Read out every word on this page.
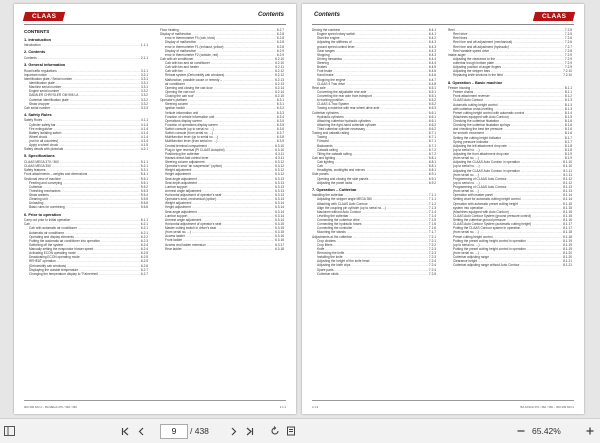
CLAAS	Contents
CONTENTS
1. Introduction
Introduction .....	1.1.1
2. Contents
Contents .....	2.1.1
3. General information
Road traffic regulations .....	3.1.1
Important notice .....	3.2.1
Identification plate / Serial number .....	3.3.1
Identification plate .....	3.3.1
Machine serial number .....	3.3.1
Engine serial number .....	3.3.2
DAIMLER CHRYSLER OM 906 LA .....	3.3.2
Cutterbar identification plate .....	3.3.2
Straw chopper .....	3.3.2
Cab serial number .....	3.3.3
4. Safety Rules
Safety Rules .....	4.1.1
Cylinder safety bar .....	4.1.4
Fire extinguisher .....	4.1.4
Battery isolating switch .....	4.1.4
Wheel chock .....	4.1.4
(not for all countries) .....	4.1.4
Apply a wheel chock .....	4.1.5
Safety decals with pictorials .....	4.2.1
5. Specifications
CLAAS MEGA 370 / 360 .....	5.1.1
CLAAS MEGA 350 .....	5.2.1
Safety features .....	5.3.1
Front attachments – weights and dimensions .....	5.4.1
Sectional view of machine .....	5.5.1
Feeding and conveying .....	5.5.1
Cutterbar .....	5.5.2
Threshing mechanism .....	5.5.3
Straw walkers .....	5.5.4
Cleaning unit .....	5.5.5
Unloading .....	5.5.6
Basic rules for combining .....	5.5.6
6. Prior to operation
Carry out prior to initial operation .....	6.1.1
Cab .....	6.2.1
Cab with automatic air conditioner .....	6.2.1
Automatic air conditioner .....	6.2.1
Operating and display elements .....	6.2.2
Putting the automatic air conditioner into operation .....	6.2.3
Switching off the system .....	6.2.4
Manually setting the evaporator blower speed .....	6.2.4
Activating ECON operating mode .....	6.2.5
Deactivating ECON operating mode .....	6.2.5
REHEAT operation .....	6.2.5
(Dehumidify cab windows) .....	6.2.6
Displaying the outside temperature .....	6.2.7
Changing the temperature display to °Fahrenheit .....	6.2.7
Floor heating .....	6.2.7
Display of malfunction .....	6.2.8
error in thermometer F0 (cab, blow) .....	6.2.8
Display of malfunction .....	6.2.8
error in thermometer F1 (exhaust, yellow) .....	6.2.8
Display of malfunction .....	6.2.9
error in thermometer F2 (outside, red) .....	6.2.9
Cab with air conditioner .....	6.2.10
Cab with fan and air conditioner .....	6.2.10
Cab with fan and heater .....	6.2.11
Cab with fan .....	6.2.12
Reheat system (Dehumidify cab windows) .....	6.2.12
Malfunction, possible cause or remedy – .....	6.2.13
air conditioner .....	6.2.13
Opening and closing the cab door .....	6.2.14
Opening the cab roof .....	6.2.14
Closing the cab roof .....	6.2.15
Operator's platform .....	6.3.1
Steering column .....	6.3.1
Ignition switch .....	6.3.2
Vehicle information unit .....	6.3.3
Function of vehicle information unit .....	6.3.4
Operations display screen .....	6.3.5
Function of operations display screen .....	6.3.5
Switch console (up to serial no. ...) .....	6.3.6
Switch console (from serial no. ...) .....	6.3.7
Multifunction lever (up to serial no. ...) .....	6.3.8
Multifunction lever (from serial no. ...) .....	6.3.9
Central terminal compartment .....	6.3.10
Plug-in type reversal (PI CLAAS Autopilot) .....	6.3.10
Positioning the cutterbar .....	6.3.11
Hazard-direct-fast control lever .....	6.3.11
Steering column adjustment .....	6.3.12
Operator's seat "air suspension" (option) .....	6.3.12
Weight adjustment .....	6.3.12
Height adjustment .....	6.3.12
Seat angle adjustment .....	6.3.13
Seat depth adjustment .....	6.3.13
Lumbar support .....	6.3.13
Armrest angle adjustment .....	6.3.13
Horizontal adjustment of operator's seat .....	6.3.13
Operator's seat, mechanical (option) .....	6.3.14
Weight adjustment .....	6.3.14
Height adjustment .....	6.3.14
Seat angle adjustment .....	6.3.14
Lumbar support .....	6.3.14
Armrest angle adjustment .....	6.3.14
Horizontal adjustment of operator's seat .....	6.3.15
Master cutting switch in driver's seat .....	6.3.15
(from serial no. ...) .....	6.3.15
Access ladder .....	6.3.16
Front ladder .....	6.3.16
Access and ladder extension .....	6.3.17
Rear ladder .....	6.3.18
000 299 623 2 – BA MEGA 370 / 360 / 350	2.1.1
Contents	CLAAS
Driving the combine .....	6.4.1
Engine speed rotary switch .....	6.4.1
Start the engine .....	6.4.2
Adjusting the stiffness of .....	6.4.3
ground speed control lever .....	6.4.3
Gear ranges .....	6.4.3
Stopping .....	6.4.3
Driving forwardsa .....	6.4.4
Steering .....	6.4.4
Brakes .....	6.4.5
Foot brake .....	6.4.6
Hand brake .....	6.4.6
Stopping the engine .....	6.4.7
CLAAS 4 Trac drive .....	6.4.8
Rear axle .....	6.5.1
Converting the adjustable rear axle .....	6.5.1
Converting the rear axle from transport .....	6.5.1
to working position .....	6.5.2
CLAAS 4-Trac System .....	6.5.2
Towing a machine with rear wheel drive axle .....	6.5.3
Cutterbar cylinders .....	6.6.1
Hydraulic cylinders .....	6.6.1
Attaching cutterbar hydraulic cylinders .....	6.6.1
Attaching the right-hand cutterbar cylinder .....	6.6.2
Third cutterbar cylinder necessary .....	6.6.2
Towing and catwalk railing .....	6.7.1
Towing .....	6.7.1
Forward .....	6.7.1
Backwards .....	6.7.1
Catwalk railing .....	6.7.2
Tilting the catwalk railing .....	6.7.2
Cab and lighting .....	6.8.1
Cab lighting .....	6.8.1
Cab .....	6.8.1
Headlights, worklights and mirrors .....	6.8.1
Side panels .....	6.9.1
Opening and closing the side panels .....	6.9.1
Adjusting the panel locks .....	6.9.2
7. Operation – Cutterbar
Installing the cutterbar .....	7.1.1
Adjusting the stripper angle MEGA 350 .....	7.1.1
Attaching with CLAAS Auto Contour .....	7.1.2
Align the coupling pin cylinder (up to serial no....) .....	7.1.3
Machines without Auto Contour .....	7.1.4
Levelling the cutterbar .....	7.1.4
Connecting the cutterbar drive .....	7.1.5
Connecting the hydraulic hoses .....	7.1.6
Connecting the controller .....	7.1.6
Mounting the stands .....	7.1.7
Adjustments at the cutterbar .....	7.2.1
Crop dividers .....	7.2.1
Crop lifters .....	7.2.2
Knife .....	7.2.3
Removing the knife .....	7.2.3
Installing the knife .....	7.2.3
Adjusting the height of the knife head .....	7.2.4
Adjusting the knife clips .....	7.2.4
Spare parts .....	7.2.4
Cutterbar skids .....	7.2.5
Reel .....	7.2.5
Reel drive .....	7.2.5
Reel tines .....	7.2.6
Reel fore and aft adjustment (mechanical) .....	7.2.6
Reel fore and aft adjustment (hydraulic) .....	7.2.7
Reel variable speed drive .....	7.2.8
Intake auger .....	7.2.9
Adjusting the clearance to the .....	7.2.9
cutterbar trough bottom plate .....	7.2.9
Adjusting position of auger fingers .....	7.2.9
Adjusting the stripper bars .....	7.2.10
Replacing knife sections in the field .....	7.2.10
8. Operation – Basic machine
Feeder housing .....	8.1.1
Feeder chains .....	8.1.1
Front attachment reverser .....	8.1.2
CLAAS Auto Contour .....	8.1.3
Automatic cutting height control .....	8.1.3
with cutterbar cross levelling .....	8.1.3
Preset cutting height control with automatic control .....	8.1.4
(Machines equipped with Auto Contour) .....	8.1.5
Checking the cutterbar floatation .....	8.1.6
Checking the cutterbar floatation springs .....	8.1.6
and checking the best tire pressure .....	8.1.6
for smooth movement .....	8.1.6
Setting the cutting height indicator .....	8.1.7
Spring pressure indicator .....	8.1.7
Adjusting the left attachment drop rate .....	8.1.8
(up to serial no. ...) .....	8.1.8
Adjusting the front attachment drop rate .....	8.1.9
(from serial no. ...) .....	8.1.9
Adjusting the CLAAS Auto Contour in operation .....	8.1.10
(up to serial no. ...) .....	8.1.10
Adjusting the CLAAS Auto Contour in operation .....	8.1.11
(from serial no. ...) .....	8.1.11
Programming of CLAAS Auto Contour .....	8.1.12
(up to serial no. ...) .....	8.1.12
Programming of CLAAS Auto Contour .....	8.1.13
(from serial no. ...) .....	8.1.13
Operation with master panel .....	8.1.14
Setting chart for automatic cutting height control .....	8.1.14
Operation with automatic preset cutting height .....	8.1.15
system into operation .....	8.1.15
(Machines equipped with Auto Contour) .....	8.1.15
CLAAS Auto Contour System (ground pressure control) .....	8.1.16
Setting the cutterbar ground pressure .....	8.1.16
CLAAS Auto Contour System (automatic cutting height) .....	8.1.17
Putting the CLAAS Contour system in operation .....	8.1.17
(from serial no. ...) .....	8.1.18
Preset cutting height control .....	8.1.18
Putting the preset cutting height control in operation .....	8.1.19
(up to serial no. ...) .....	8.1.19
Putting the preset cutting height control in operation .....	8.1.19
(from serial no. ...) .....	8.1.20
Cutterbar adjusting range .....	8.1.20
Clearance height .....	8.1.21
Cutterbar adjusting range without Auto Contour .....	8.1.21
2.1.2	BA 10/91A 370 / 360 / 350 – 000 299 623 2
9	/ 438	65.42%
